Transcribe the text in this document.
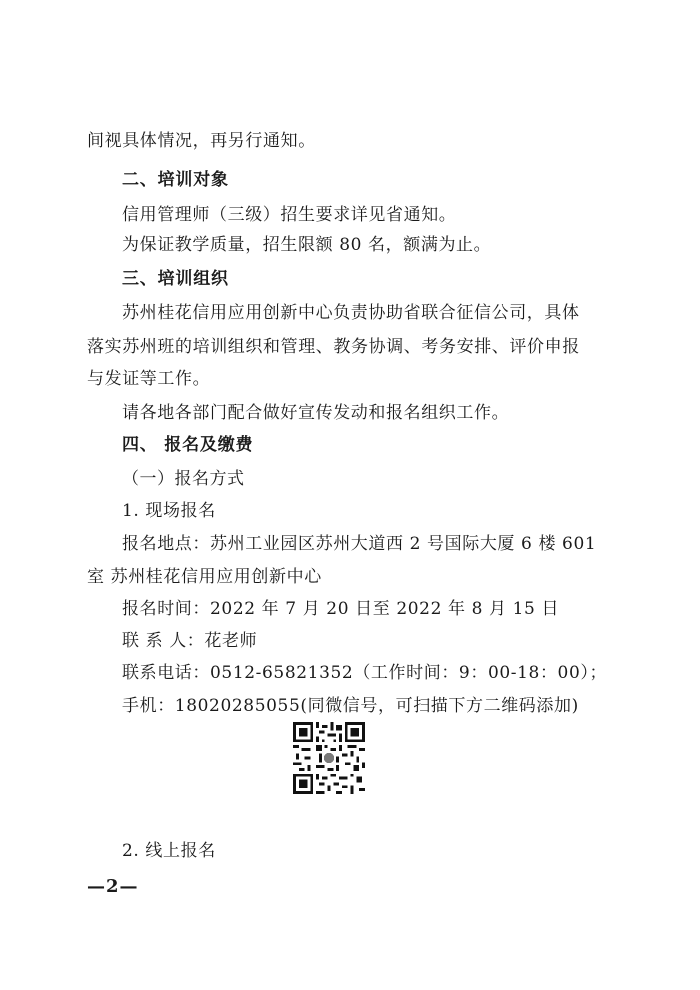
间视具体情况，再另行通知。
二、培训对象
信用管理师（三级）招生要求详见省通知。
为保证教学质量，招生限额 80 名，额满为止。
三、培训组织
苏州桂花信用应用创新中心负责协助省联合征信公司，具体
落实苏州班的培训组织和管理、教务协调、考务安排、评价申报
与发证等工作。
请各地各部门配合做好宣传发动和报名组织工作。
四、 报名及缴费
（一）报名方式
1. 现场报名
报名地点：苏州工业园区苏州大道西 2 号国际大厦 6 楼 601
室 苏州桂花信用应用创新中心
报名时间：2022 年 7 月 20 日至 2022 年 8 月 15 日
联 系 人：花老师
联系电话：0512-65821352（工作时间：9：00-18：00）；
手机：18020285055(同微信号，可扫描下方二维码添加)
2. 线上报名
—2—
